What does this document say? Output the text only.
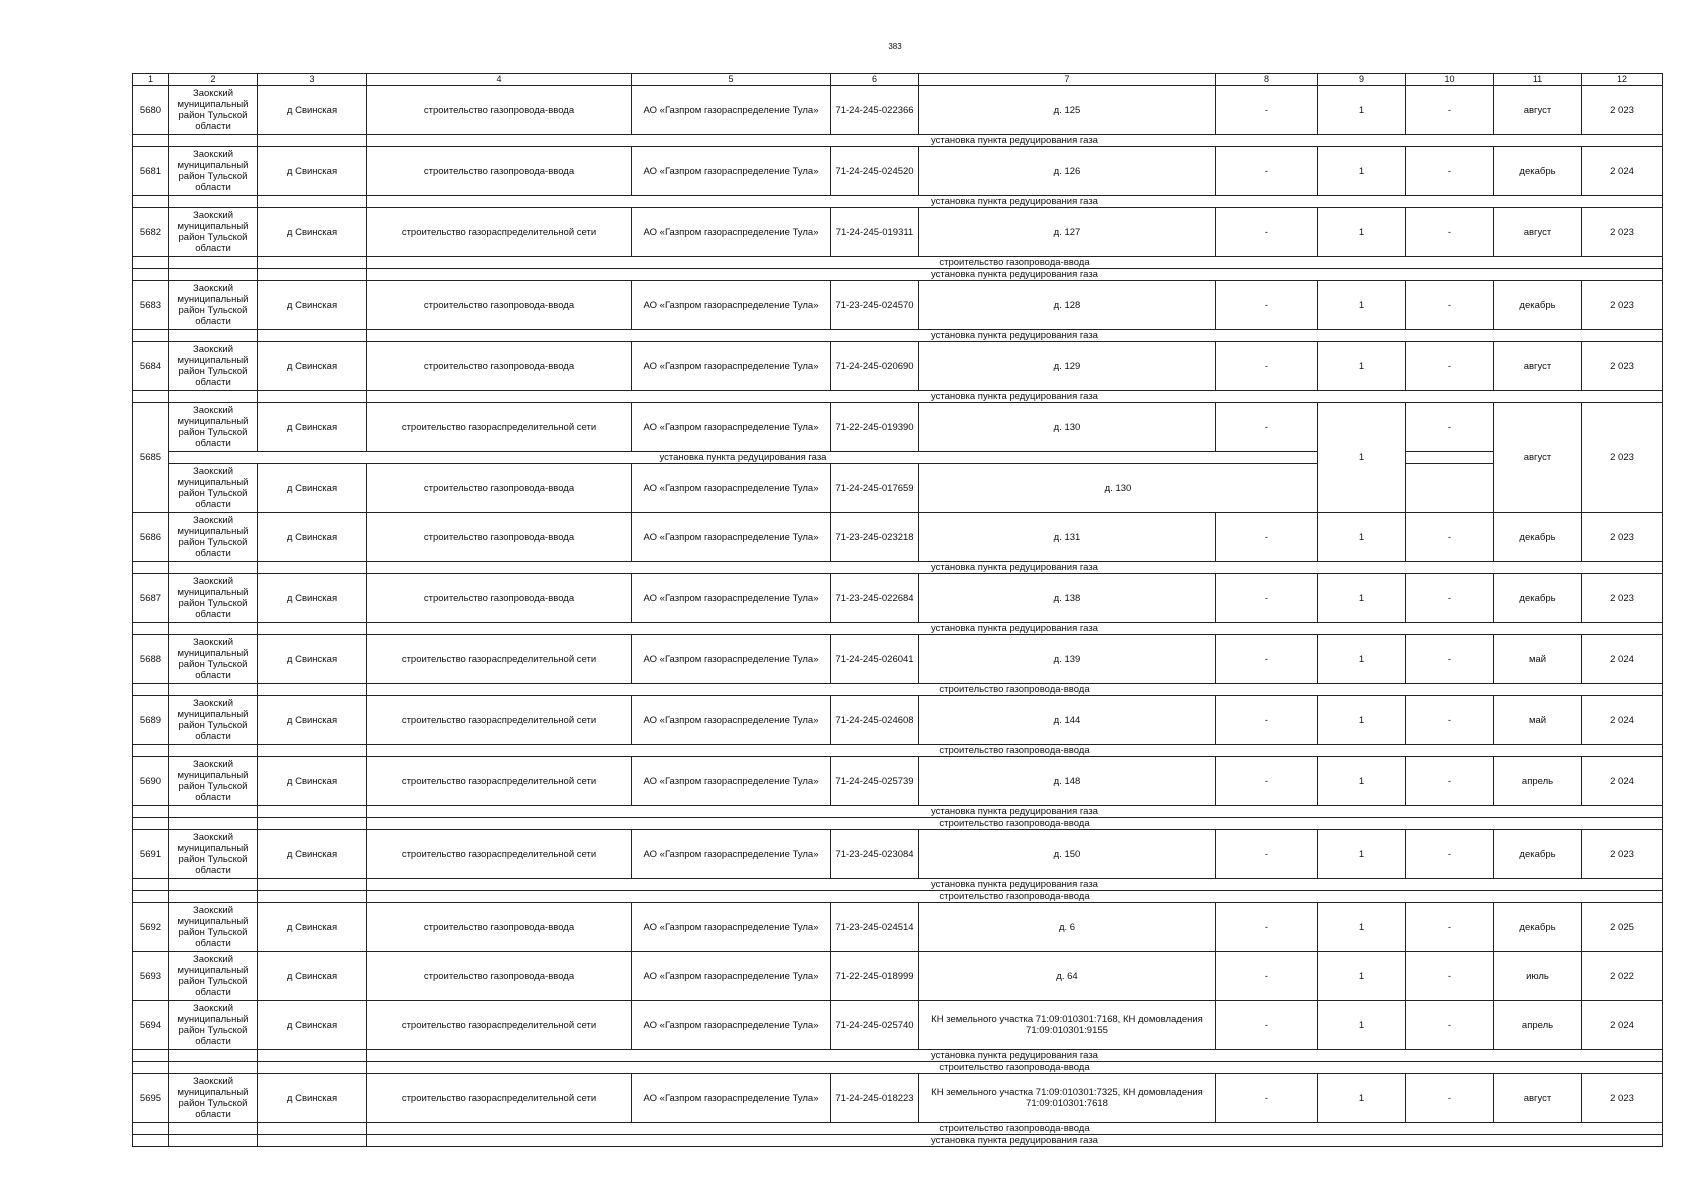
383
1	2	3	4	5	6	7	8	9	10	11	12
5680	Заокский муниципальный район Тульской области	д Свинская	строительство газопровода-ввода	АО «Газпром газораспределение Тула»	71-24-245-022366	д. 125	-	1	-	август	2 023
			установка пункта редуцирования газа								
5681	Заокский муниципальный район Тульской области	д Свинская	строительство газопровода-ввода	АО «Газпром газораспределение Тула»	71-24-245-024520	д. 126	-	1	-	декабрь	2 024
			установка пункта редуцирования газа								
5682	Заокский муниципальный район Тульской области	д Свинская	строительство газораспределительной сети	АО «Газпром газораспределение Тула»	71-24-245-019311	д. 127	-	1	-	август	2 023
			строительство газопровода-ввода								
			установка пункта редуцирования газа								
5683	Заокский муниципальный район Тульской области	д Свинская	строительство газопровода-ввода	АО «Газпром газораспределение Тула»	71-23-245-024570	д. 128	-	1	-	декабрь	2 023
			установка пункта редуцирования газа								
5684	Заокский муниципальный район Тульской области	д Свинская	строительство газопровода-ввода	АО «Газпром газораспределение Тула»	71-24-245-020690	д. 129	-	1	-	август	2 023
			установка пункта редуцирования газа								
5685	Заокский муниципальный район Тульской области	д Свинская	строительство газораспределительной сети	АО «Газпром газораспределение Тула»	71-22-245-019390	д. 130	-	1	-	август	2 023
	установка пункта редуцирования газа										
	Заокский муниципальный район Тульской области	д Свинская	строительство газопровода-ввода	АО «Газпром газораспределение Тула»	71-24-245-017659	д. 130					
5686	Заокский муниципальный район Тульской области	д Свинская	строительство газопровода-ввода	АО «Газпром газораспределение Тула»	71-23-245-023218	д. 131	-	1	-	декабрь	2 023
			установка пункта редуцирования газа								
5687	Заокский муниципальный район Тульской области	д Свинская	строительство газопровода-ввода	АО «Газпром газораспределение Тула»	71-23-245-022684	д. 138	-	1	-	декабрь	2 023
			установка пункта редуцирования газа								
5688	Заокский муниципальный район Тульской области	д Свинская	строительство газораспределительной сети	АО «Газпром газораспределение Тула»	71-24-245-026041	д. 139	-	1	-	май	2 024
			строительство газопровода-ввода								
5689	Заокский муниципальный район Тульской области	д Свинская	строительство газораспределительной сети	АО «Газпром газораспределение Тула»	71-24-245-024608	д. 144	-	1	-	май	2 024
			строительство газопровода-ввода								
5690	Заокский муниципальный район Тульской области	д Свинская	строительство газораспределительной сети	АО «Газпром газораспределение Тула»	71-24-245-025739	д. 148	-	1	-	апрель	2 024
			установка пункта редуцирования газа								
			строительство газопровода-ввода								
5691	Заокский муниципальный район Тульской области	д Свинская	строительство газораспределительной сети	АО «Газпром газораспределение Тула»	71-23-245-023084	д. 150	-	1	-	декабрь	2 023
			установка пункта редуцирования газа								
			строительство газопровода-ввода								
5692	Заокский муниципальный район Тульской области	д Свинская	строительство газопровода-ввода	АО «Газпром газораспределение Тула»	71-23-245-024514	д. 6	-	1	-	декабрь	2 025
5693	Заокский муниципальный район Тульской области	д Свинская	строительство газопровода-ввода	АО «Газпром газораспределение Тула»	71-22-245-018999	д. 64	-	1	-	июль	2 022
5694	Заокский муниципальный район Тульской области	д Свинская	строительство газораспределительной сети	АО «Газпром газораспределение Тула»	71-24-245-025740	КН земельного участка 71:09:010301:7168, КН домовладения 71:09:010301:9155	-	1	-	апрель	2 024
			установка пункта редуцирования газа								
			строительство газопровода-ввода								
5695	Заокский муниципальный район Тульской области	д Свинская	строительство газораспределительной сети	АО «Газпром газораспределение Тула»	71-24-245-018223	КН земельного участка 71:09:010301:7325, КН домовладения 71:09:010301:7618	-	1	-	август	2 023
			строительство газопровода-ввода								
			установка пункта редуцирования газа								
